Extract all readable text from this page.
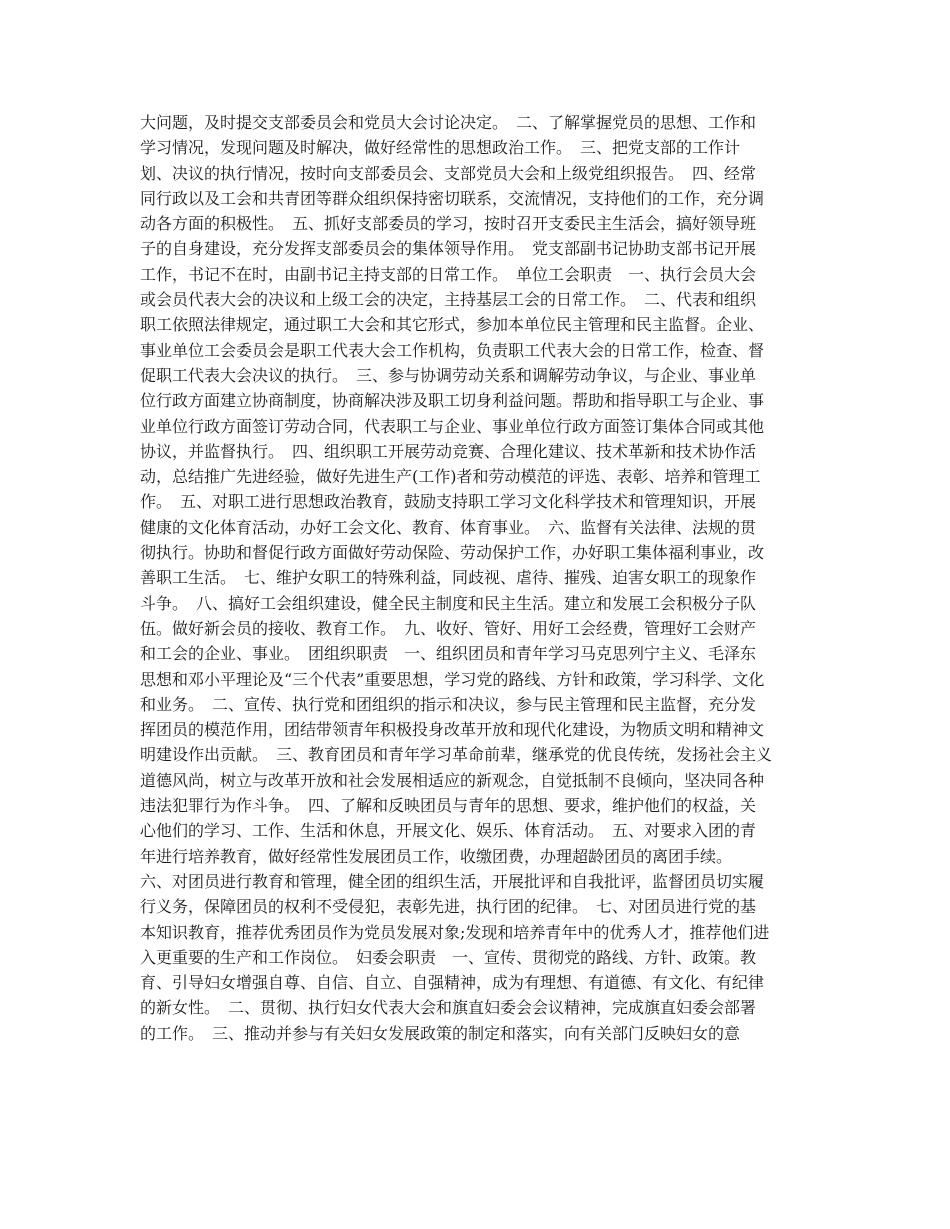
大问题，及时提交支部委员会和党员大会讨论决定。　二、了解掌握党员的思想、工作和
学习情况，发现问题及时解决，做好经常性的思想政治工作。　三、把党支部的工作计
划、决议的执行情况，按时向支部委员会、支部党员大会和上级党组织报告。　四、经常
同行政以及工会和共青团等群众组织保持密切联系，交流情况，支持他们的工作，充分调
动各方面的积极性。　五、抓好支部委员的学习，按时召开支委民主生活会，搞好领导班
子的自身建设，充分发挥支部委员会的集体领导作用。　党支部副书记协助支部书记开展
工作，书记不在时，由副书记主持支部的日常工作。　单位工会职责　一、执行会员大会
或会员代表大会的决议和上级工会的决定，主持基层工会的日常工作。　二、代表和组织
职工依照法律规定，通过职工大会和其它形式，参加本单位民主管理和民主监督。企业、
事业单位工会委员会是职工代表大会工作机构，负责职工代表大会的日常工作，检查、督
促职工代表大会决议的执行。　三、参与协调劳动关系和调解劳动争议，与企业、事业单
位行政方面建立协商制度，协商解决涉及职工切身利益问题。帮助和指导职工与企业、事
业单位行政方面签订劳动合同，代表职工与企业、事业单位行政方面签订集体合同或其他
协议，并监督执行。　四、组织职工开展劳动竞赛、合理化建议、技术革新和技术协作活
动，总结推广先进经验，做好先进生产(工作)者和劳动模范的评选、表彰、培养和管理工
作。　五、对职工进行思想政治教育，鼓励支持职工学习文化科学技术和管理知识，开展
健康的文化体育活动，办好工会文化、教育、体育事业。　六、监督有关法律、法规的贯
彻执行。协助和督促行政方面做好劳动保险、劳动保护工作，办好职工集体福利事业，改
善职工生活。　七、维护女职工的特殊利益，同歧视、虐待、摧残、迫害女职工的现象作
斗争。　八、搞好工会组织建设，健全民主制度和民主生活。建立和发展工会积极分子队
伍。做好新会员的接收、教育工作。　九、收好、管好、用好工会经费，管理好工会财产
和工会的企业、事业。　团组织职责　一、组织团员和青年学习马克思列宁主义、毛泽东
思想和邓小平理论及“三个代表”重要思想，学习党的路线、方针和政策，学习科学、文化
和业务。　二、宣传、执行党和团组织的指示和决议，参与民主管理和民主监督，充分发
挥团员的模范作用，团结带领青年积极投身改革开放和现代化建设，为物质文明和精神文
明建设作出贡献。　三、教育团员和青年学习革命前辈，继承党的优良传统，发扬社会主义
道德风尚，树立与改革开放和社会发展相适应的新观念，自觉抵制不良倾向，坚决同各种
违法犯罪行为作斗争。　四、了解和反映团员与青年的思想、要求，维护他们的权益，关
心他们的学习、工作、生活和休息，开展文化、娱乐、体育活动。　五、对要求入团的青
年进行培养教育，做好经常性发展团员工作，收缴团费，办理超龄团员的离团手续。
六、对团员进行教育和管理，健全团的组织生活，开展批评和自我批评，监督团员切实履
行义务，保障团员的权利不受侵犯，表彰先进，执行团的纪律。　七、对团员进行党的基
本知识教育，推荐优秀团员作为党员发展对象;发现和培养青年中的优秀人才，推荐他们进
入更重要的生产和工作岗位。　妇委会职责　一、宣传、贯彻党的路线、方针、政策。教
育、引导妇女增强自尊、自信、自立、自强精神，成为有理想、有道德、有文化、有纪律
的新女性。　二、贯彻、执行妇女代表大会和旗直妇委会会议精神，完成旗直妇委会部署
的工作。　三、推动并参与有关妇女发展政策的制定和落实，向有关部门反映妇女的意
